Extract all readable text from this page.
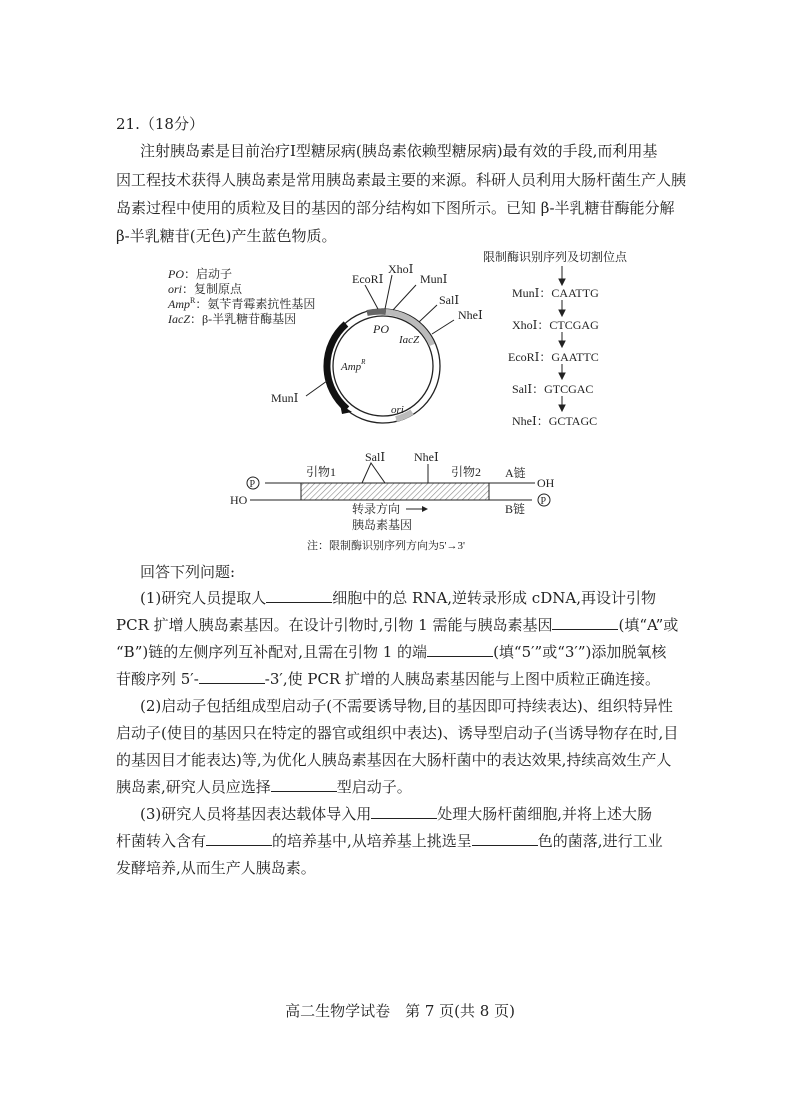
21.（18分）
注射胰岛素是目前治疗Ⅰ型糖尿病(胰岛素依赖型糖尿病)最有效的手段,而利用基
因工程技术获得人胰岛素是常用胰岛素最主要的来源。科研人员利用大肠杆菌生产人胰
岛素过程中使用的质粒及目的基因的部分结构如下图所示。已知 β-半乳糖苷酶能分解
β-半乳糖苷(无色)产生蓝色物质。
PO：启动子
ori：复制原点
Amp$^R$：氨苄青霉素抗性基因
IacZ：β-半乳糖苷酶基因
EcoRⅠ
XhoⅠ
MunⅠ
SalⅠ
NheⅠ
MunⅠ
PO
IacZ
Amp$^R$
ori
限制酶识别序列及切割位点
MunⅠ：CAATTG
XhoⅠ：CTCGAG
EcoRⅠ：GAATTC
SalⅠ：GTCGAC
NheⅠ：GCTAGC
P
P
OH
HO
SalⅠ NheⅠ
引物1	引物2 A链
B链
转录方向
胰岛素基因
注：限制酶识别序列方向为5'→3'
回答下列问题:
(1)研究人员提取人	细胞中的总 RNA,逆转录形成 cDNA,再设计引物
PCR 扩增人胰岛素基因。在设计引物时,引物 1 需能与胰岛素基因	(填“A”或
“B”)链的左侧序列互补配对,且需在引物 1 的端	(填“5′”或“3′”)添加脱氧核
苷酸序列 5′-	-3′,使 PCR 扩增的人胰岛素基因能与上图中质粒正确连接。
(2)启动子包括组成型启动子(不需要诱导物,目的基因即可持续表达)、组织特异性
启动子(使目的基因只在特定的器官或组织中表达)、诱导型启动子(当诱导物存在时,目
的基因目才能表达)等,为优化人胰岛素基因在大肠杆菌中的表达效果,持续高效生产人
胰岛素,研究人员应选择	型启动子。
(3)研究人员将基因表达载体导入用	处理大肠杆菌细胞,并将上述大肠
杆菌转入含有	的培养基中,从培养基上挑选呈	色的菌落,进行工业
发酵培养,从而生产人胰岛素。
高二生物学试卷　第 7 页(共 8 页)
